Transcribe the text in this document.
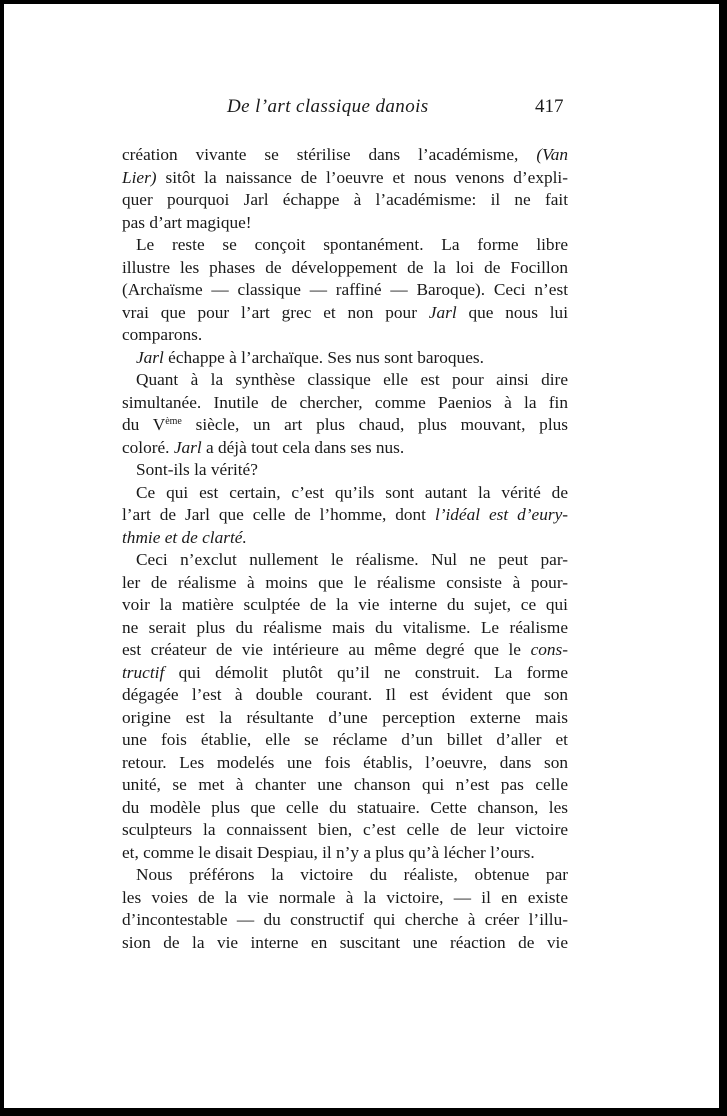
De l’art classique danois	417
création vivante se stérilise dans l’académisme, (Van
Lier) sitôt la naissance de l’oeuvre et nous venons d’expli-
quer pourquoi Jarl échappe à l’académisme: il ne fait
pas d’art magique!
Le reste se conçoit spontanément. La forme libre
illustre les phases de développement de la loi de Focillon
(Archaïsme — classique — raffiné — Baroque). Ceci n’est
vrai que pour l’art grec et non pour Jarl que nous lui
comparons.
Jarl échappe à l’archaïque. Ses nus sont baroques.
Quant à la synthèse classique elle est pour ainsi dire
simultanée. Inutile de chercher, comme Paenios à la fin
du Vème siècle, un art plus chaud, plus mouvant, plus
coloré. Jarl a déjà tout cela dans ses nus.
Sont-ils la vérité?
Ce qui est certain, c’est qu’ils sont autant la vérité de
l’art de Jarl que celle de l’homme, dont l’idéal est d’eury-
thmie et de clarté.
Ceci n’exclut nullement le réalisme. Nul ne peut par-
ler de réalisme à moins que le réalisme consiste à pour-
voir la matière sculptée de la vie interne du sujet, ce qui
ne serait plus du réalisme mais du vitalisme. Le réalisme
est créateur de vie intérieure au même degré que le cons-
tructif qui démolit plutôt qu’il ne construit. La forme
dégagée l’est à double courant. Il est évident que son
origine est la résultante d’une perception externe mais
une fois établie, elle se réclame d’un billet d’aller et
retour. Les modelés une fois établis, l’oeuvre, dans son
unité, se met à chanter une chanson qui n’est pas celle
du modèle plus que celle du statuaire. Cette chanson, les
sculpteurs la connaissent bien, c’est celle de leur victoire
et, comme le disait Despiau, il n’y a plus qu’à lécher l’ours.
Nous préférons la victoire du réaliste, obtenue par
les voies de la vie normale à la victoire, — il en existe
d’incontestable — du constructif qui cherche à créer l’illu-
sion de la vie interne en suscitant une réaction de vie
